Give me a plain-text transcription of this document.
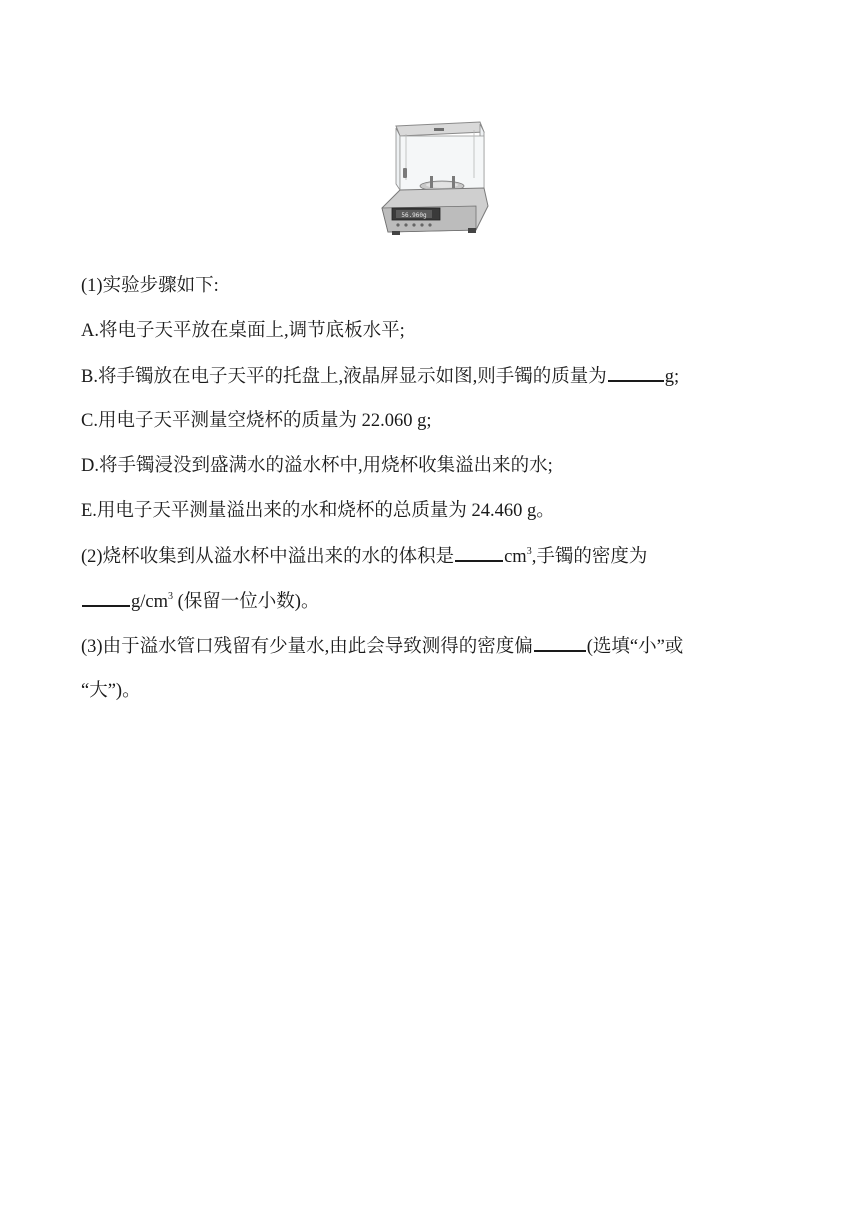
56.960g
(1)实验步骤如下:
A.将电子天平放在桌面上,调节底板水平;
B.将手镯放在电子天平的托盘上,液晶屏显示如图,则手镯的质量为	g;
C.用电子天平测量空烧杯的质量为 22.060 g;
D.将手镯浸没到盛满水的溢水杯中,用烧杯收集溢出来的水;
E.用电子天平测量溢出来的水和烧杯的总质量为 24.460 g。
(2)烧杯收集到从溢水杯中溢出来的水的体积是	$cm^3$,手镯的密度为
$g/cm^3$ (保留一位小数)。
(3)由于溢水管口残留有少量水,由此会导致测得的密度偏	(选填“小”或
“大”)。
